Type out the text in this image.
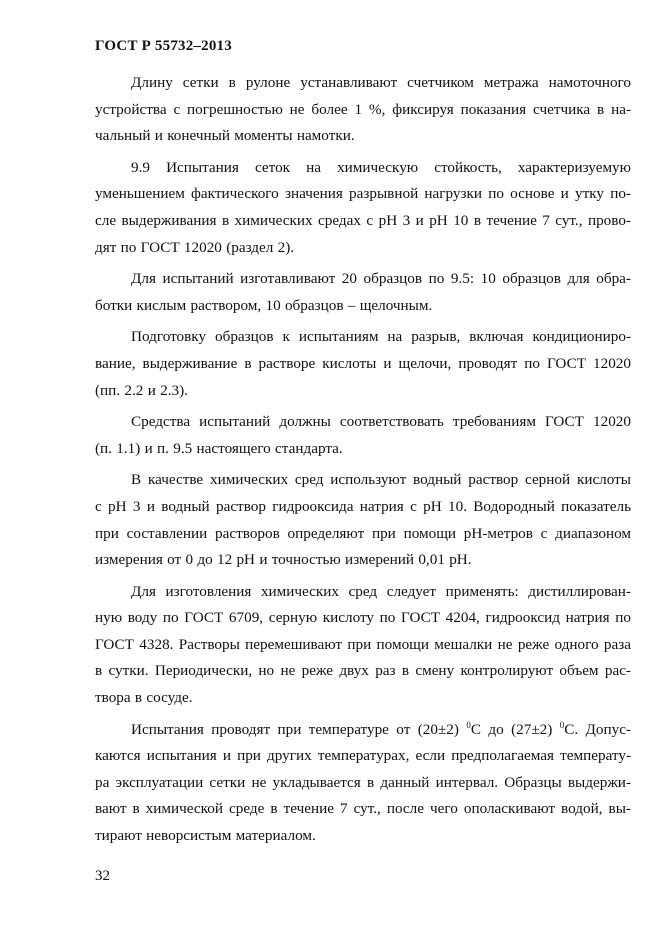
ГОСТ Р 55732–2013
Длину сетки в рулоне устанавливают счетчиком метража намоточного
устройства с погрешностью не более 1 %, фиксируя показания счетчика в на-
чальный и конечный моменты намотки.
9.9 Испытания сеток на химическую стойкость, характеризуемую
уменьшением фактического значения разрывной нагрузки по основе и утку по-
сле выдерживания в химических средах с pH 3 и pH 10 в течение 7 сут., прово-
дят по ГОСТ 12020 (раздел 2).
Для испытаний изготавливают 20 образцов по 9.5: 10 образцов для обра-
ботки кислым раствором, 10 образцов – щелочным.
Подготовку образцов к испытаниям на разрыв, включая кондициониро-
вание, выдерживание в растворе кислоты и щелочи, проводят по ГОСТ 12020
(пп. 2.2 и 2.3).
Средства испытаний должны соответствовать требованиям ГОСТ 12020
(п. 1.1) и п. 9.5 настоящего стандарта.
В качестве химических сред используют водный раствор серной кислоты
с pH 3 и водный раствор гидрооксида натрия с pH 10. Водородный показатель
при составлении растворов определяют при помощи pH-метров с диапазоном
измерения от 0 до 12 pH и точностью измерений 0,01 pH.
Для изготовления химических сред следует применять: дистиллирован-
ную воду по ГОСТ 6709, серную кислоту по ГОСТ 4204, гидрооксид натрия по
ГОСТ 4328. Растворы перемешивают при помощи мешалки не реже одного раза
в сутки. Периодически, но не реже двух раз в смену контролируют объем рас-
твора в сосуде.
Испытания проводят при температуре от (20±2) $^0$С до (27±2) $^0$С. Допус-
каются испытания и при других температурах, если предполагаемая температу-
ра эксплуатации сетки не укладывается в данный интервал. Образцы выдержи-
вают в химической среде в течение 7 сут., после чего ополаскивают водой, вы-
тирают неворсистым материалом.
32
